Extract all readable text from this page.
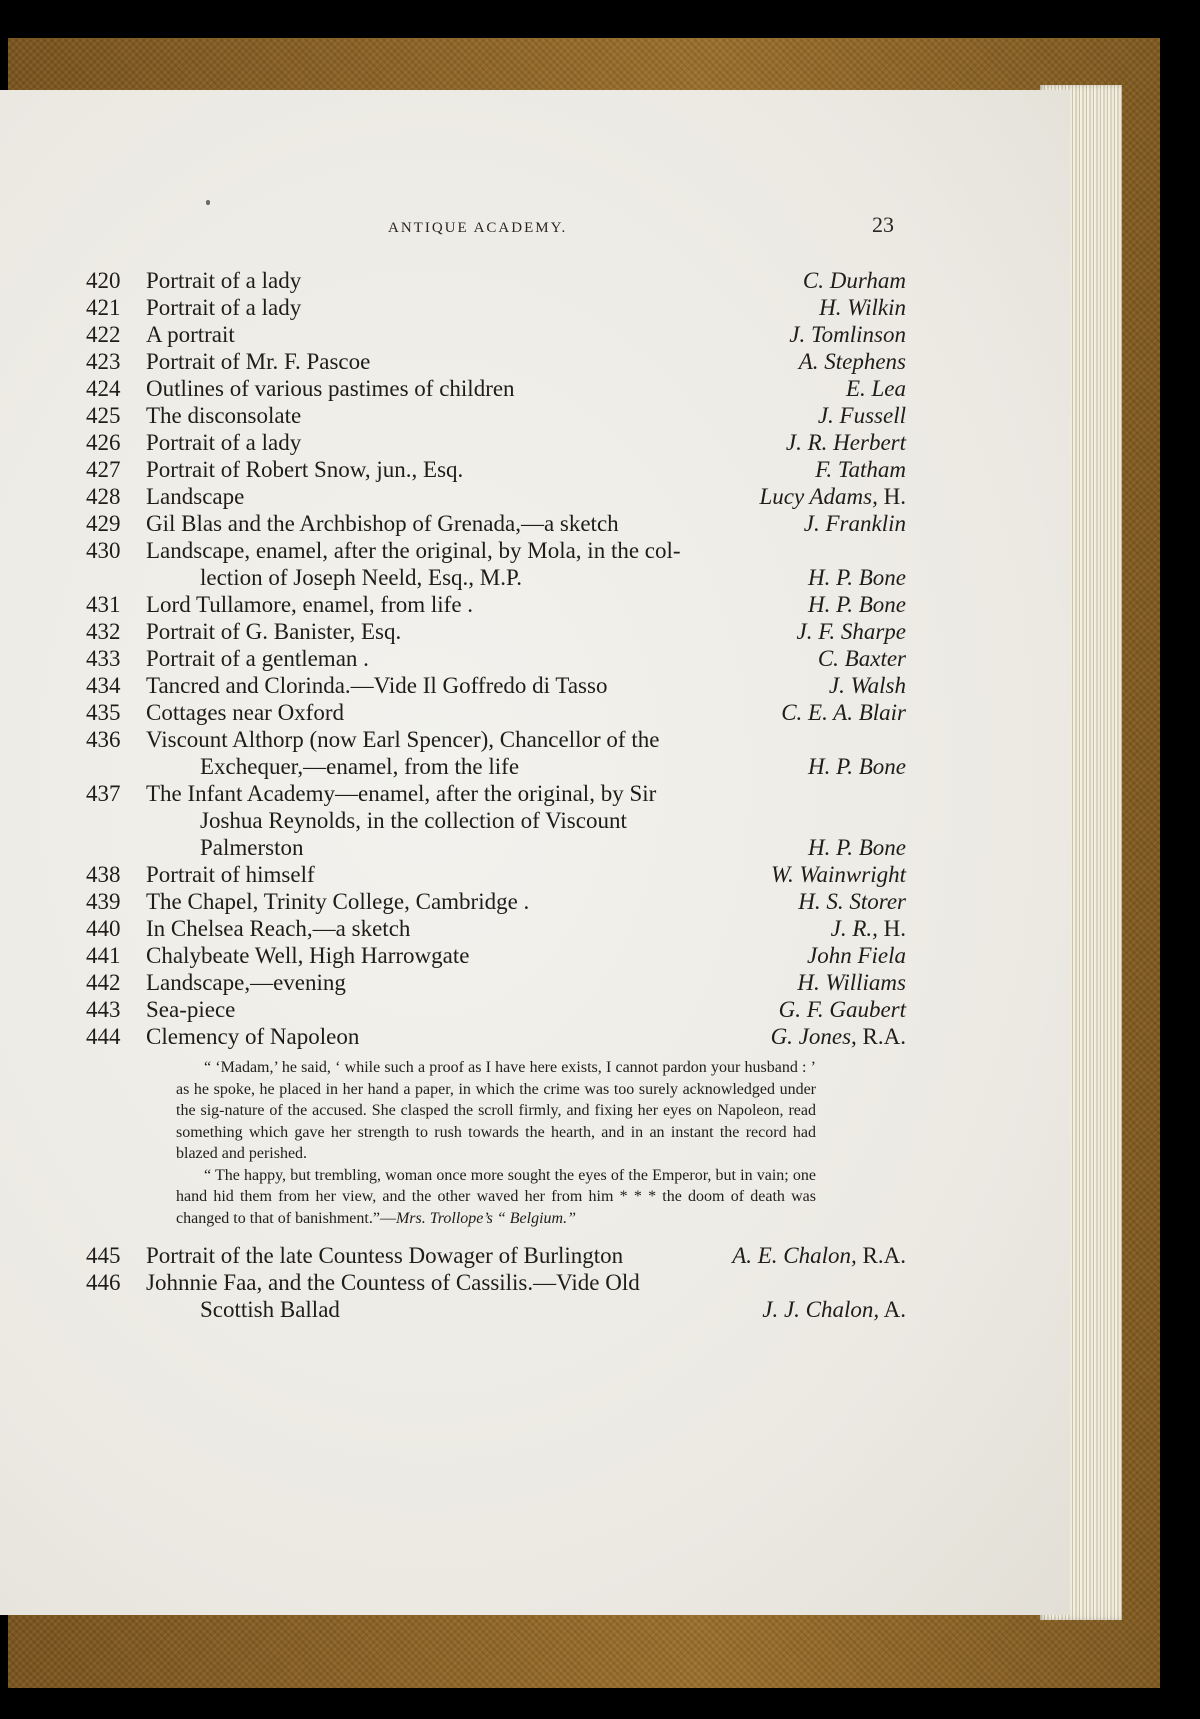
ANTIQUE ACADEMY.	23
420	Portrait of a lady	C. Durham
421	Portrait of a lady	H. Wilkin
422	A portrait	J. Tomlinson
423	Portrait of Mr. F. Pascoe	A. Stephens
424	Outlines of various pastimes of children	E. Lea
425	The disconsolate	J. Fussell
426	Portrait of a lady	J. R. Herbert
427	Portrait of Robert Snow, jun., Esq.	F. Tatham
428	Landscape	Lucy Adams, H.
429	Gil Blas and the Archbishop of Grenada,—a sketch	J. Franklin
430	Landscape, enamel, after the original, by Mola, in the col-
lection of Joseph Neeld, Esq., M.P.	H. P. Bone
431	Lord Tullamore, enamel, from life .	H. P. Bone
432	Portrait of G. Banister, Esq.	J. F. Sharpe
433	Portrait of a gentleman .	C. Baxter
434	Tancred and Clorinda.—Vide Il Goffredo di Tasso	J. Walsh
435	Cottages near Oxford	C. E. A. Blair
436	Viscount Althorp (now Earl Spencer), Chancellor of the
Exchequer,—enamel, from the life	H. P. Bone
437	The Infant Academy—enamel, after the original, by Sir
Joshua Reynolds, in the collection of Viscount
Palmerston	H. P. Bone
438	Portrait of himself	W. Wainwright
439	The Chapel, Trinity College, Cambridge .	H. S. Storer
440	In Chelsea Reach,—a sketch	J. R., H.
441	Chalybeate Well, High Harrowgate	John Fiela
442	Landscape,—evening	H. Williams
443	Sea-piece	G. F. Gaubert
444	Clemency of Napoleon	G. Jones, R.A.

“ ‘Madam,’ he said, ‘ while such a proof as I have here exists, I cannot pardon your husband : ’ as he spoke, he placed in her hand a paper, in which the crime was too surely acknowledged under the sig-nature of the accused. She clasped the scroll firmly, and fixing her eyes on Napoleon, read something which gave her strength to rush towards the hearth, and in an instant the record had blazed and perished.

“ The happy, but trembling, woman once more sought the eyes of the Emperor, but in vain; one hand hid them from her view, and the other waved her from him * * * the doom of death was changed to that of banishment.”—Mrs. Trollope’s “ Belgium.”

445	Portrait of the late Countess Dowager of Burlington	A. E. Chalon, R.A.
446	Johnnie Faa, and the Countess of Cassilis.—Vide Old
Scottish Ballad	J. J. Chalon, A.
